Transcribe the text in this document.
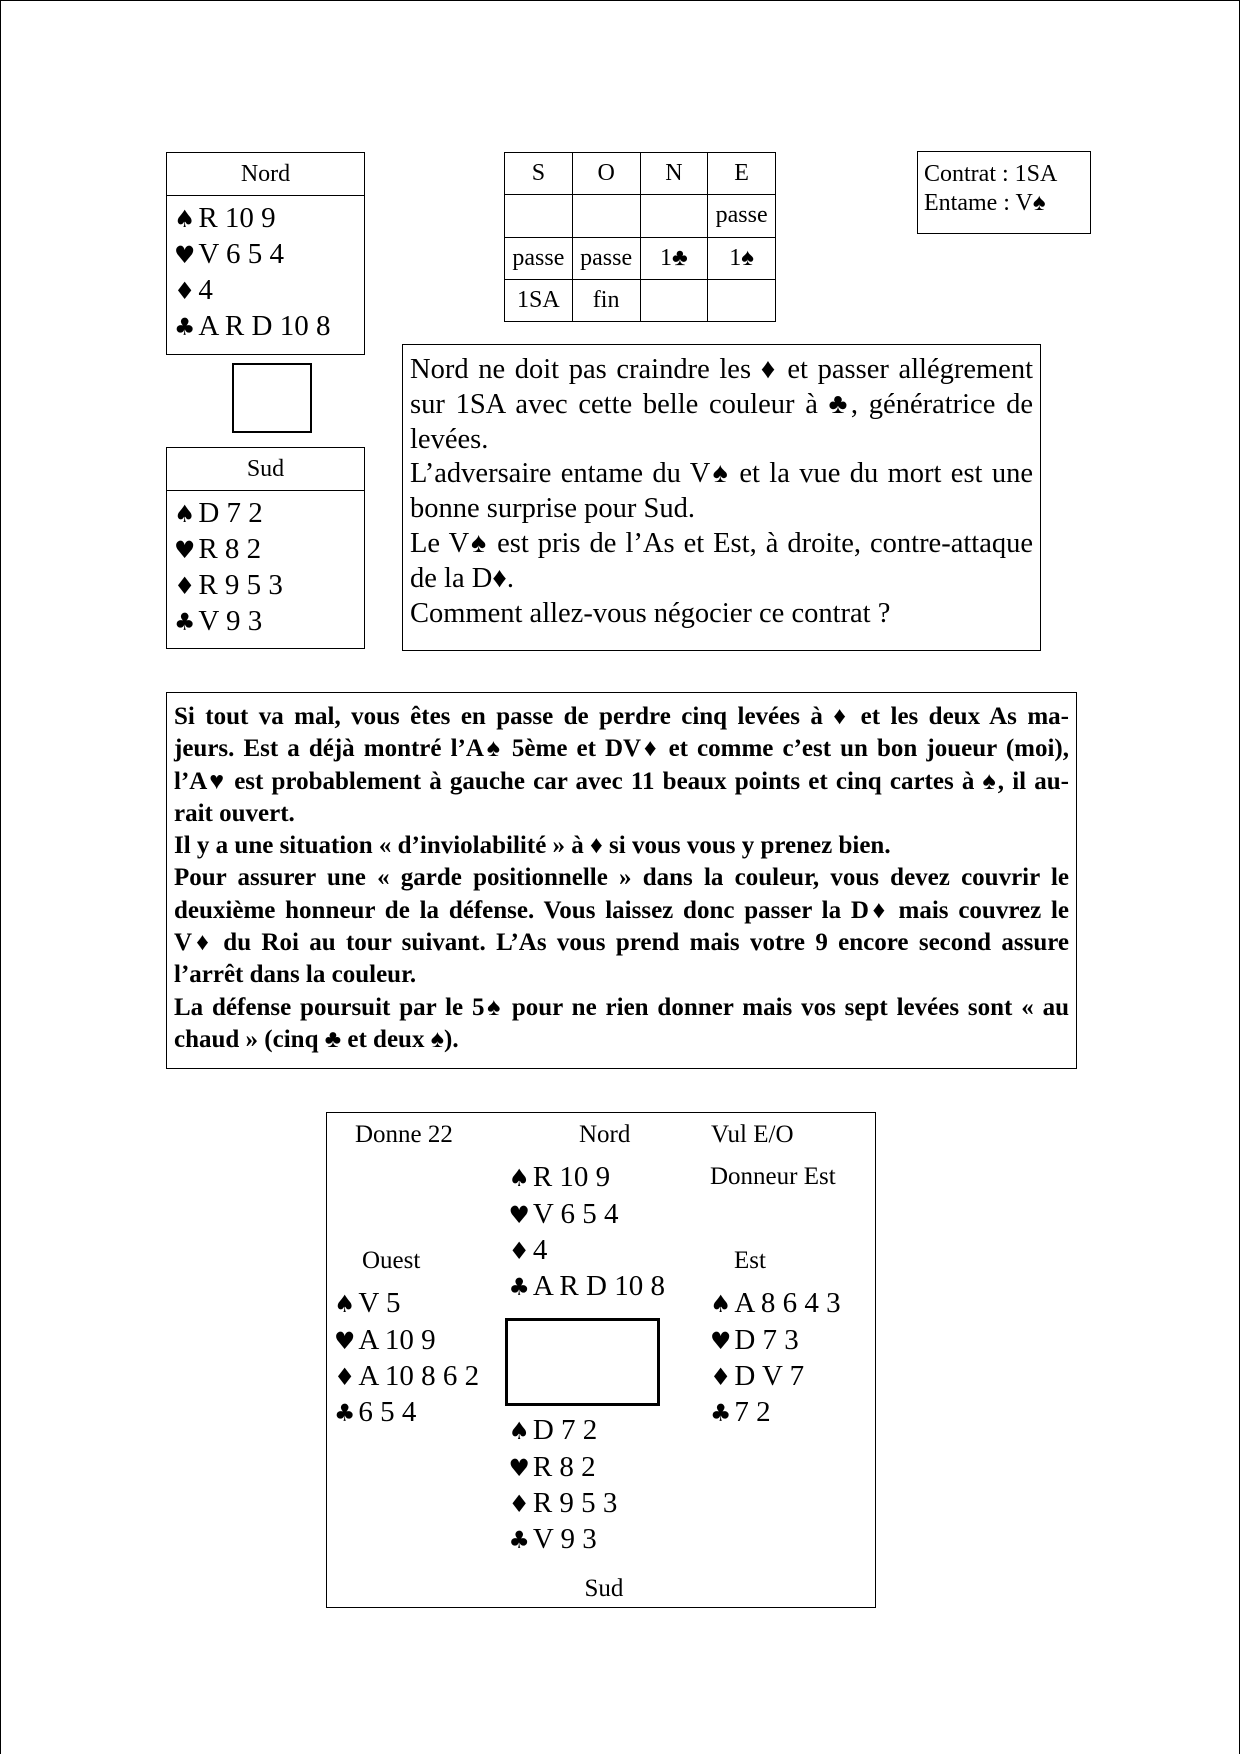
Nord
♠ R 10 9
♥ V 6 5 4
♦ 4
♣ A R D 10 8
Sud
♠ D 7 2
♥ R 8 2
♦ R 9 5 3
♣ V 9 3
S	O	N	E
			passe
passe	passe	1♣	1♠
1SA	fin		
Contrat : 1SA
Entame : V♠
Nord ne doit pas craindre les ♦ et passer allégrement
sur 1SA avec cette belle couleur à ♣, génératrice de
levées.
L’adversaire entame du V♠ et la vue du mort est une
bonne surprise pour Sud.
Le V♠ est pris de l’As et Est, à droite, contre-attaque
de la D♦.
Comment allez-vous négocier ce contrat ?
Si tout va mal, vous êtes en passe de perdre cinq levées à ♦ et les deux As ma-
jeurs. Est a déjà montré l’A♠ 5ème et DV♦ et comme c’est un bon joueur (moi),
l’A♥ est probablement à gauche car avec 11 beaux points et cinq cartes à ♠, il au-
rait ouvert.
Il y a une situation « d’inviolabilité » à ♦ si vous vous y prenez bien.
Pour assurer une « garde positionnelle » dans la couleur, vous devez couvrir le
deuxième honneur de la défense. Vous laissez donc passer la D♦ mais couvrez le
V♦ du Roi au tour suivant. L’As vous prend mais votre 9 encore second assure
l’arrêt dans la couleur.
La défense poursuit par le 5♠ pour ne rien donner mais vos sept levées sont « au
chaud » (cinq ♣ et deux ♠).
Donne 22	Nord	Vul E/O
Donneur Est
Ouest	Est
Sud
♠ R 10 9
♥ V 6 5 4
♦ 4
♣ A R D 10 8
♠ V 5
♥ A 10 9
♦ A 10 8 6 2
♣ 6 5 4
♠ A 8 6 4 3
♥ D 7 3
♦ D V 7
♣ 7 2
♠ D 7 2
♥ R 8 2
♦ R 9 5 3
♣ V 9 3
